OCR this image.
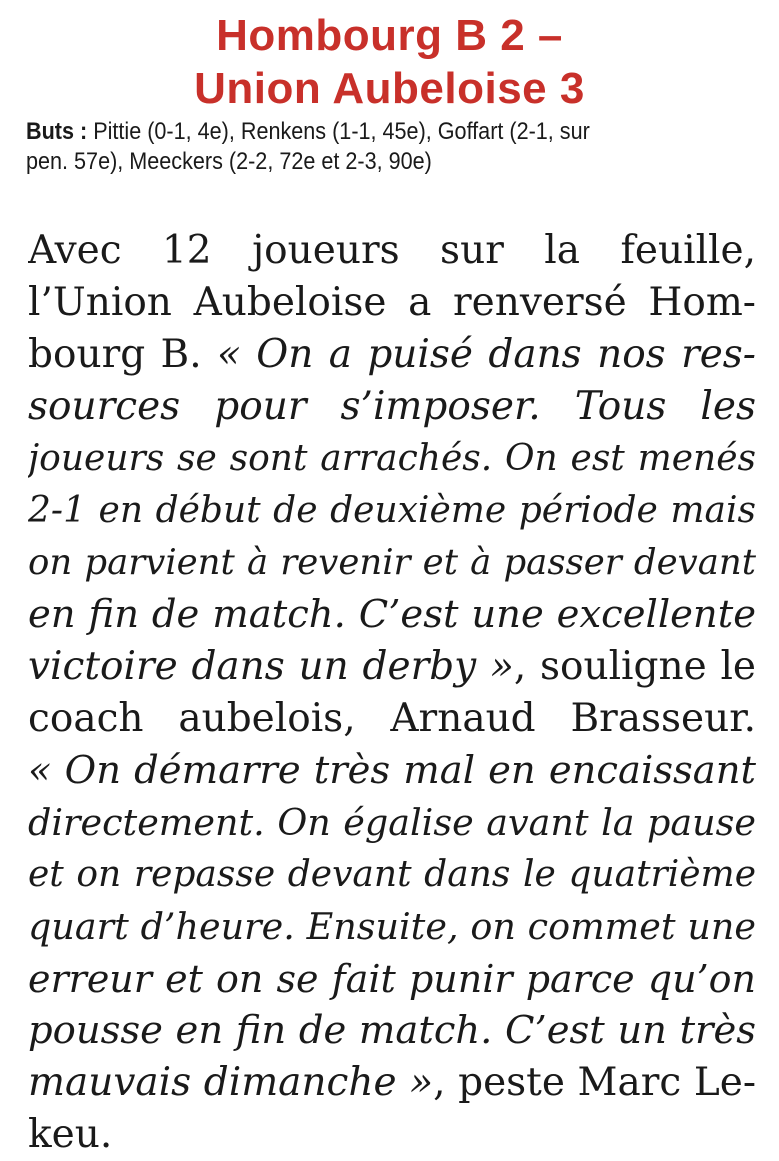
Hombourg B 2 –
Union Aubeloise 3

Buts : Pittie (0-1, 4e), Renkens (1-1, 45e), Goffart (2-1, sur
pen. 57e), Meeckers (2-2, 72e et 2-3, 90e)

Avec 12 joueurs sur la feuille,
l’Union Aubeloise a renversé Hom-
bourg B. « On a puisé dans nos res-
sources pour s’imposer. Tous les
joueurs se sont arrachés. On est menés
2-1 en début de deuxième période mais
on parvient à revenir et à passer devant
en fin de match. C’est une excellente
victoire dans un derby », souligne le
coach aubelois, Arnaud Brasseur.
« On démarre très mal en encaissant
directement. On égalise avant la pause
et on repasse devant dans le quatrième
quart d’heure. Ensuite, on commet une
erreur et on se fait punir parce qu’on
pousse en fin de match. C’est un très
mauvais dimanche », peste Marc Le-
keu.
